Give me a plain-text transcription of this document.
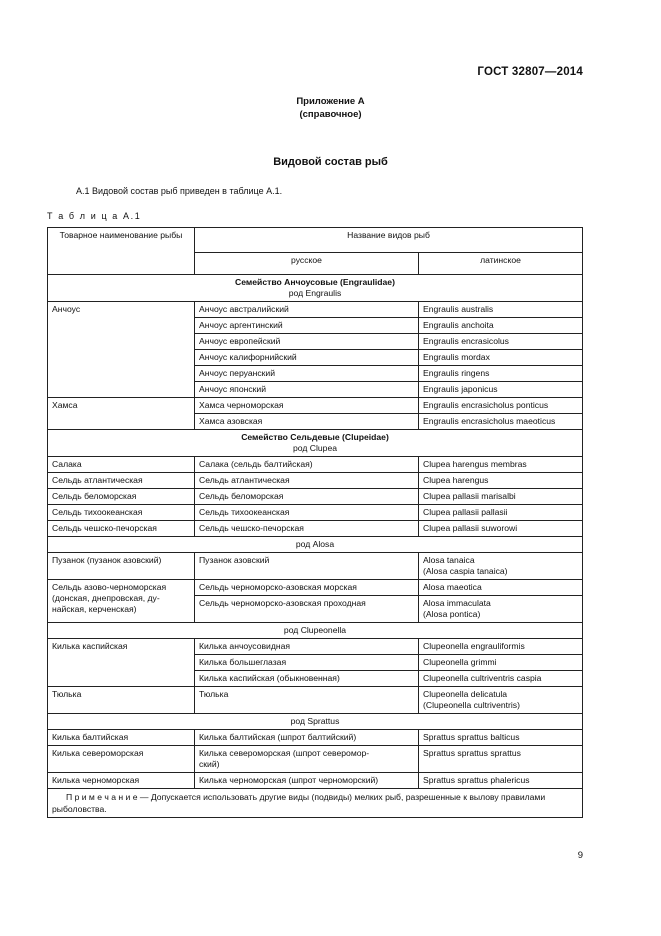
ГОСТ 32807—2014
Приложение А
(справочное)
Видовой состав рыб
А.1 Видовой состав рыб приведен в таблице А.1.
Т а б л и ц а А.1
Товарное наименование рыбы	Название видов рыб	
	русское	латинское
Семейство Анчоусовые (Engraulidae)
род Engraulis		

Анчоус	Анчоус австралийский	Engraulis australis
	Анчоус аргентинский	Engraulis anchoita
	Анчоус европейский	Engraulis encrasicolus
	Анчоус калифорнийский	Engraulis mordax
	Анчоус перуанский	Engraulis ringens
	Анчоус японский	Engraulis japonicus
Хамса	Хамса черноморская	Engraulis encrasicholus ponticus
	Хамса азовская	Engraulis encrasicholus maeoticus
Семейство Сельдевые (Clupeidae)
род Clupea		

Салака	Салака (сельдь балтийская)	Clupea harengus membras
Сельдь атлантическая	Сельдь атлантическая	Clupea harengus
Сельдь беломорская	Сельдь беломорская	Clupea pallasii marisalbi
Сельдь тихоокеанская	Сельдь тихоокеанская	Clupea pallasii pallasii
Сельдь чешско-печорская	Сельдь чешско-печорская	Clupea pallasii suworowi
род Alosa		
Пузанок (пузанок азовский)	Пузанок азовский	Alosa tanaica
(Alosa caspia tanaica)
Сельдь азово-черноморская
(донская, днепровская, ду-
найская, керченская)	Сельдь черноморско-азовская морская	Alosa maeotica
	Сельдь черноморско-азовская проходная	Alosa immaculata
(Alosa pontica)
род Clupeonella		
Килька каспийская	Килька анчоусовидная	Clupeonella engrauliformis
	Килька большеглазая	Clupeonella grimmi
	Килька каспийская (обыкновенная)	Clupeonella cultriventris caspia
Тюлька	Тюлька	Clupeonella delicatula
(Clupeonella cultriventris)
род Sprattus		
Килька балтийская	Килька балтийская (шпрот балтийский)	Sprattus sprattus balticus
Килька североморская	Килька североморская (шпрот северомор-
ский)	Sprattus sprattus sprattus
Килька черноморская	Килька черноморская (шпрот черноморский)	Sprattus sprattus phalericus
П р и м е ч а н и е — Допускается использовать другие виды (подвиды) мелких рыб, разрешенные к вылову правилами рыболовства.		
9
